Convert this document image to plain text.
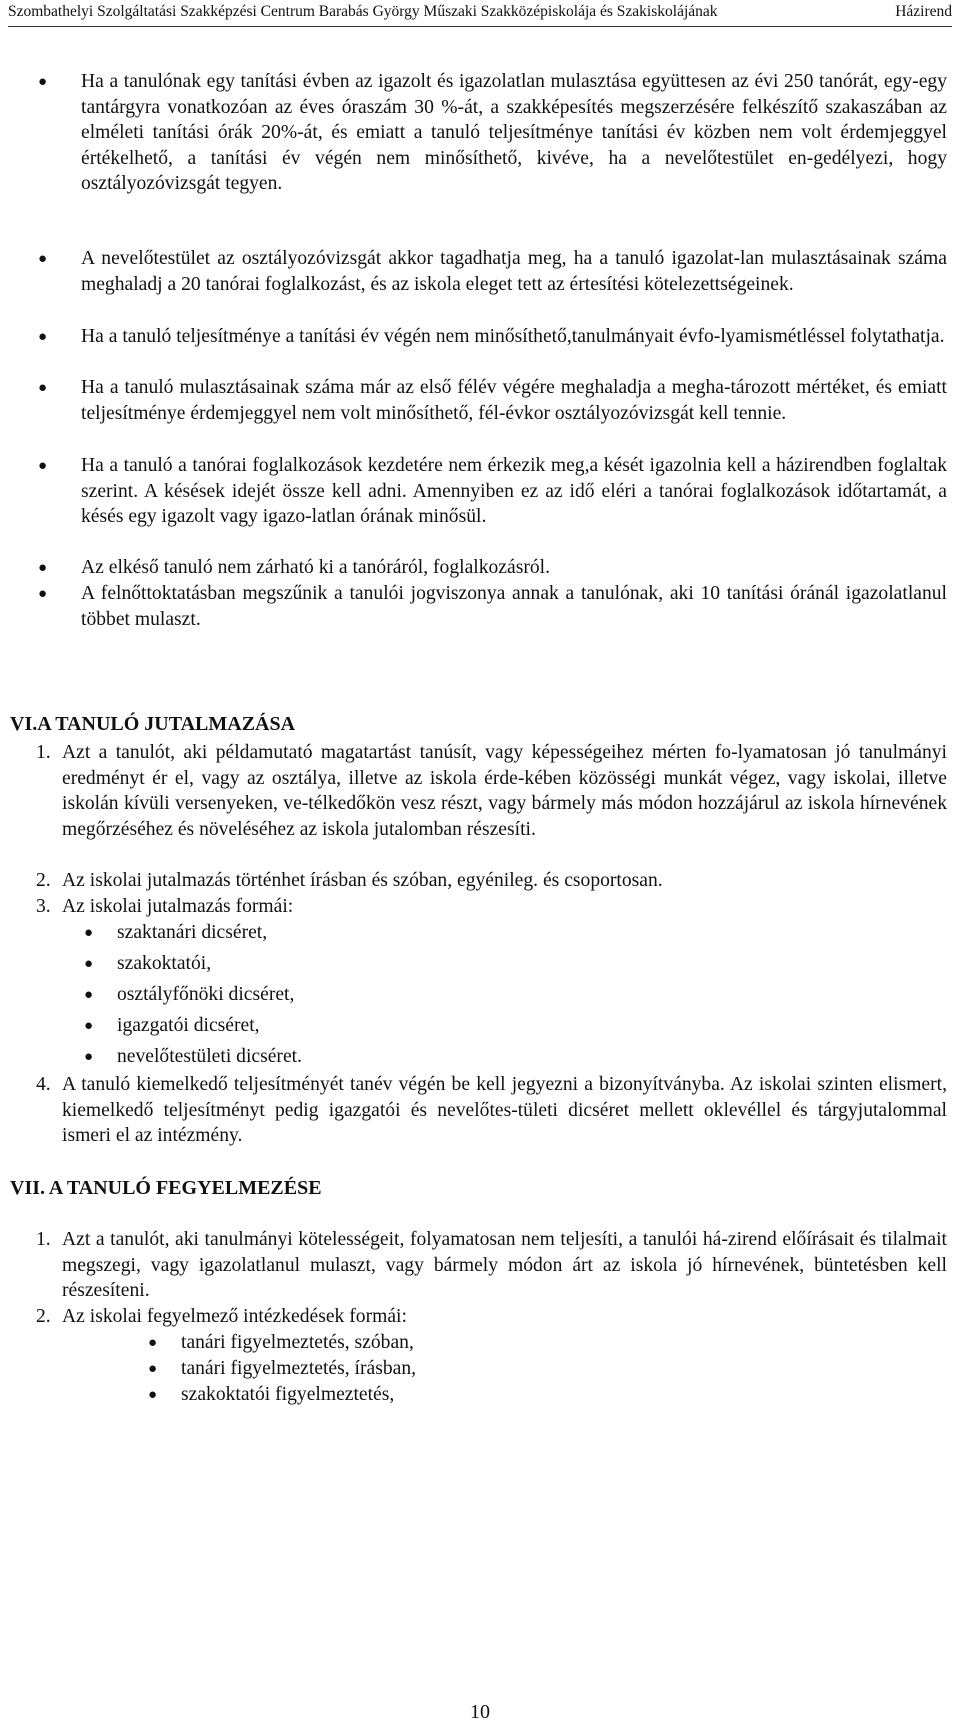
Szombathelyi Szolgáltatási Szakképzési Centrum Barabás György Műszaki Szakközépiskolája és Szakiskolájának	Házirend
● Ha a tanulónak egy tanítási évben az igazolt és igazolatlan mulasztása együttesen az évi 250 tanórát, egy-egy tantárgyra vonatkozóan az éves óraszám 30 %-át, a szakképesítés megszerzésére felkészítő szakaszában az elméleti tanítási órák 20%-át, és emiatt a tanuló teljesítménye tanítási év közben nem volt érdemjeggyel értékelhető, a tanítási év végén nem minősíthető, kivéve, ha a nevelőtestület en-gedélyezi, hogy osztályozóvizsgát tegyen.
● A nevelőtestület az osztályozóvizsgát akkor tagadhatja meg, ha a tanuló igazolat-lan mulasztásainak száma meghaladj a 20 tanórai foglalkozást, és az iskola eleget tett az értesítési kötelezettségeinek.
● Ha a tanuló teljesítménye a tanítási év végén nem minősíthető,tanulmányait évfo-lyamismétléssel folytathatja.
● Ha a tanuló mulasztásainak száma már az első félév végére meghaladja a megha-tározott mértéket, és emiatt teljesítménye érdemjeggyel nem volt minősíthető, fél-évkor osztályozóvizsgát kell tennie.
● Ha a tanuló a tanórai foglalkozások kezdetére nem érkezik meg,a kését igazolnia kell a házirendben foglaltak szerint. A késések idejét össze kell adni. Amennyiben ez az idő eléri a tanórai foglalkozások időtartamát, a késés egy igazolt vagy igazo-latlan órának minősül.
● Az elkéső tanuló nem zárható ki a tanóráról, foglalkozásról.
● A felnőttoktatásban megszűnik a tanulói jogviszonya annak a tanulónak, aki 10 tanítási óránál igazolatlanul többet mulaszt.
VI.A TANULÓ JUTALMAZÁSA
1. Azt a tanulót, aki példamutató magatartást tanúsít, vagy képességeihez mérten fo-lyamatosan jó tanulmányi eredményt ér el, vagy az osztálya, illetve az iskola érde-kében közösségi munkát végez, vagy iskolai, illetve iskolán kívüli versenyeken, ve-télkedőkön vesz részt, vagy bármely más módon hozzájárul az iskola hírnevének megőrzéséhez és növeléséhez az iskola jutalomban részesíti.
2. Az iskolai jutalmazás történhet írásban és szóban, egyénileg. és csoportosan.
3. Az iskolai jutalmazás formái:
● szaktanári dicséret,
● szakoktatói,
● osztályfőnöki dicséret,
● igazgatói dicséret,
● nevelőtestületi dicséret.
4. A tanuló kiemelkedő teljesítményét tanév végén be kell jegyezni a bizonyítványba. Az iskolai szinten elismert, kiemelkedő teljesítményt pedig igazgatói és nevelőtes-tületi dicséret mellett oklevéllel és tárgyjutalommal ismeri el az intézmény.
VII. A TANULÓ FEGYELMEZÉSE
1. Azt a tanulót, aki tanulmányi kötelességeit, folyamatosan nem teljesíti, a tanulói há-zirend előírásait és tilalmait megszegi, vagy igazolatlanul mulaszt, vagy bármely módon árt az iskola jó hírnevének, büntetésben kell részesíteni.
2. Az iskolai fegyelmező intézkedések formái:
● tanári figyelmeztetés, szóban,
● tanári figyelmeztetés, írásban,
● szakoktatói figyelmeztetés,
10
